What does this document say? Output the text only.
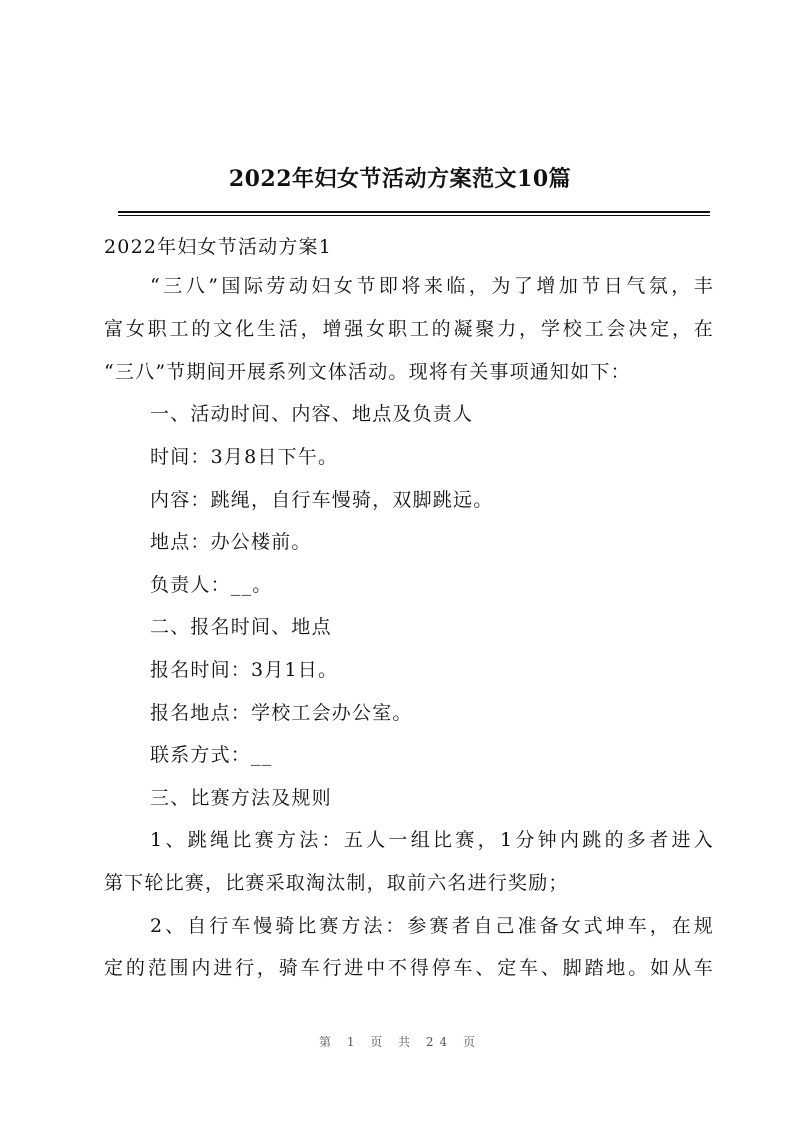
2022年妇女节活动方案范文10篇
2022年妇女节活动方案1
“三八”国际劳动妇女节即将来临，为了增加节日气氛，丰
富女职工的文化生活，增强女职工的凝聚力，学校工会决定，在
“三八”节期间开展系列文体活动。现将有关事项通知如下：
一、活动时间、内容、地点及负责人
时间：3月8日下午。
内容：跳绳，自行车慢骑，双脚跳远。
地点：办公楼前。
负责人：__。
二、报名时间、地点
报名时间：3月1日。
报名地点：学校工会办公室。
联系方式：__
三、比赛方法及规则
1、跳绳比赛方法：五人一组比赛，1分钟内跳的多者进入
第下轮比赛，比赛采取淘汰制，取前六名进行奖励；
2、自行车慢骑比赛方法：参赛者自己准备女式坤车，在规
定的范围内进行，骑车行进中不得停车、定车、脚踏地。如从车
第 1 页 共 24 页
